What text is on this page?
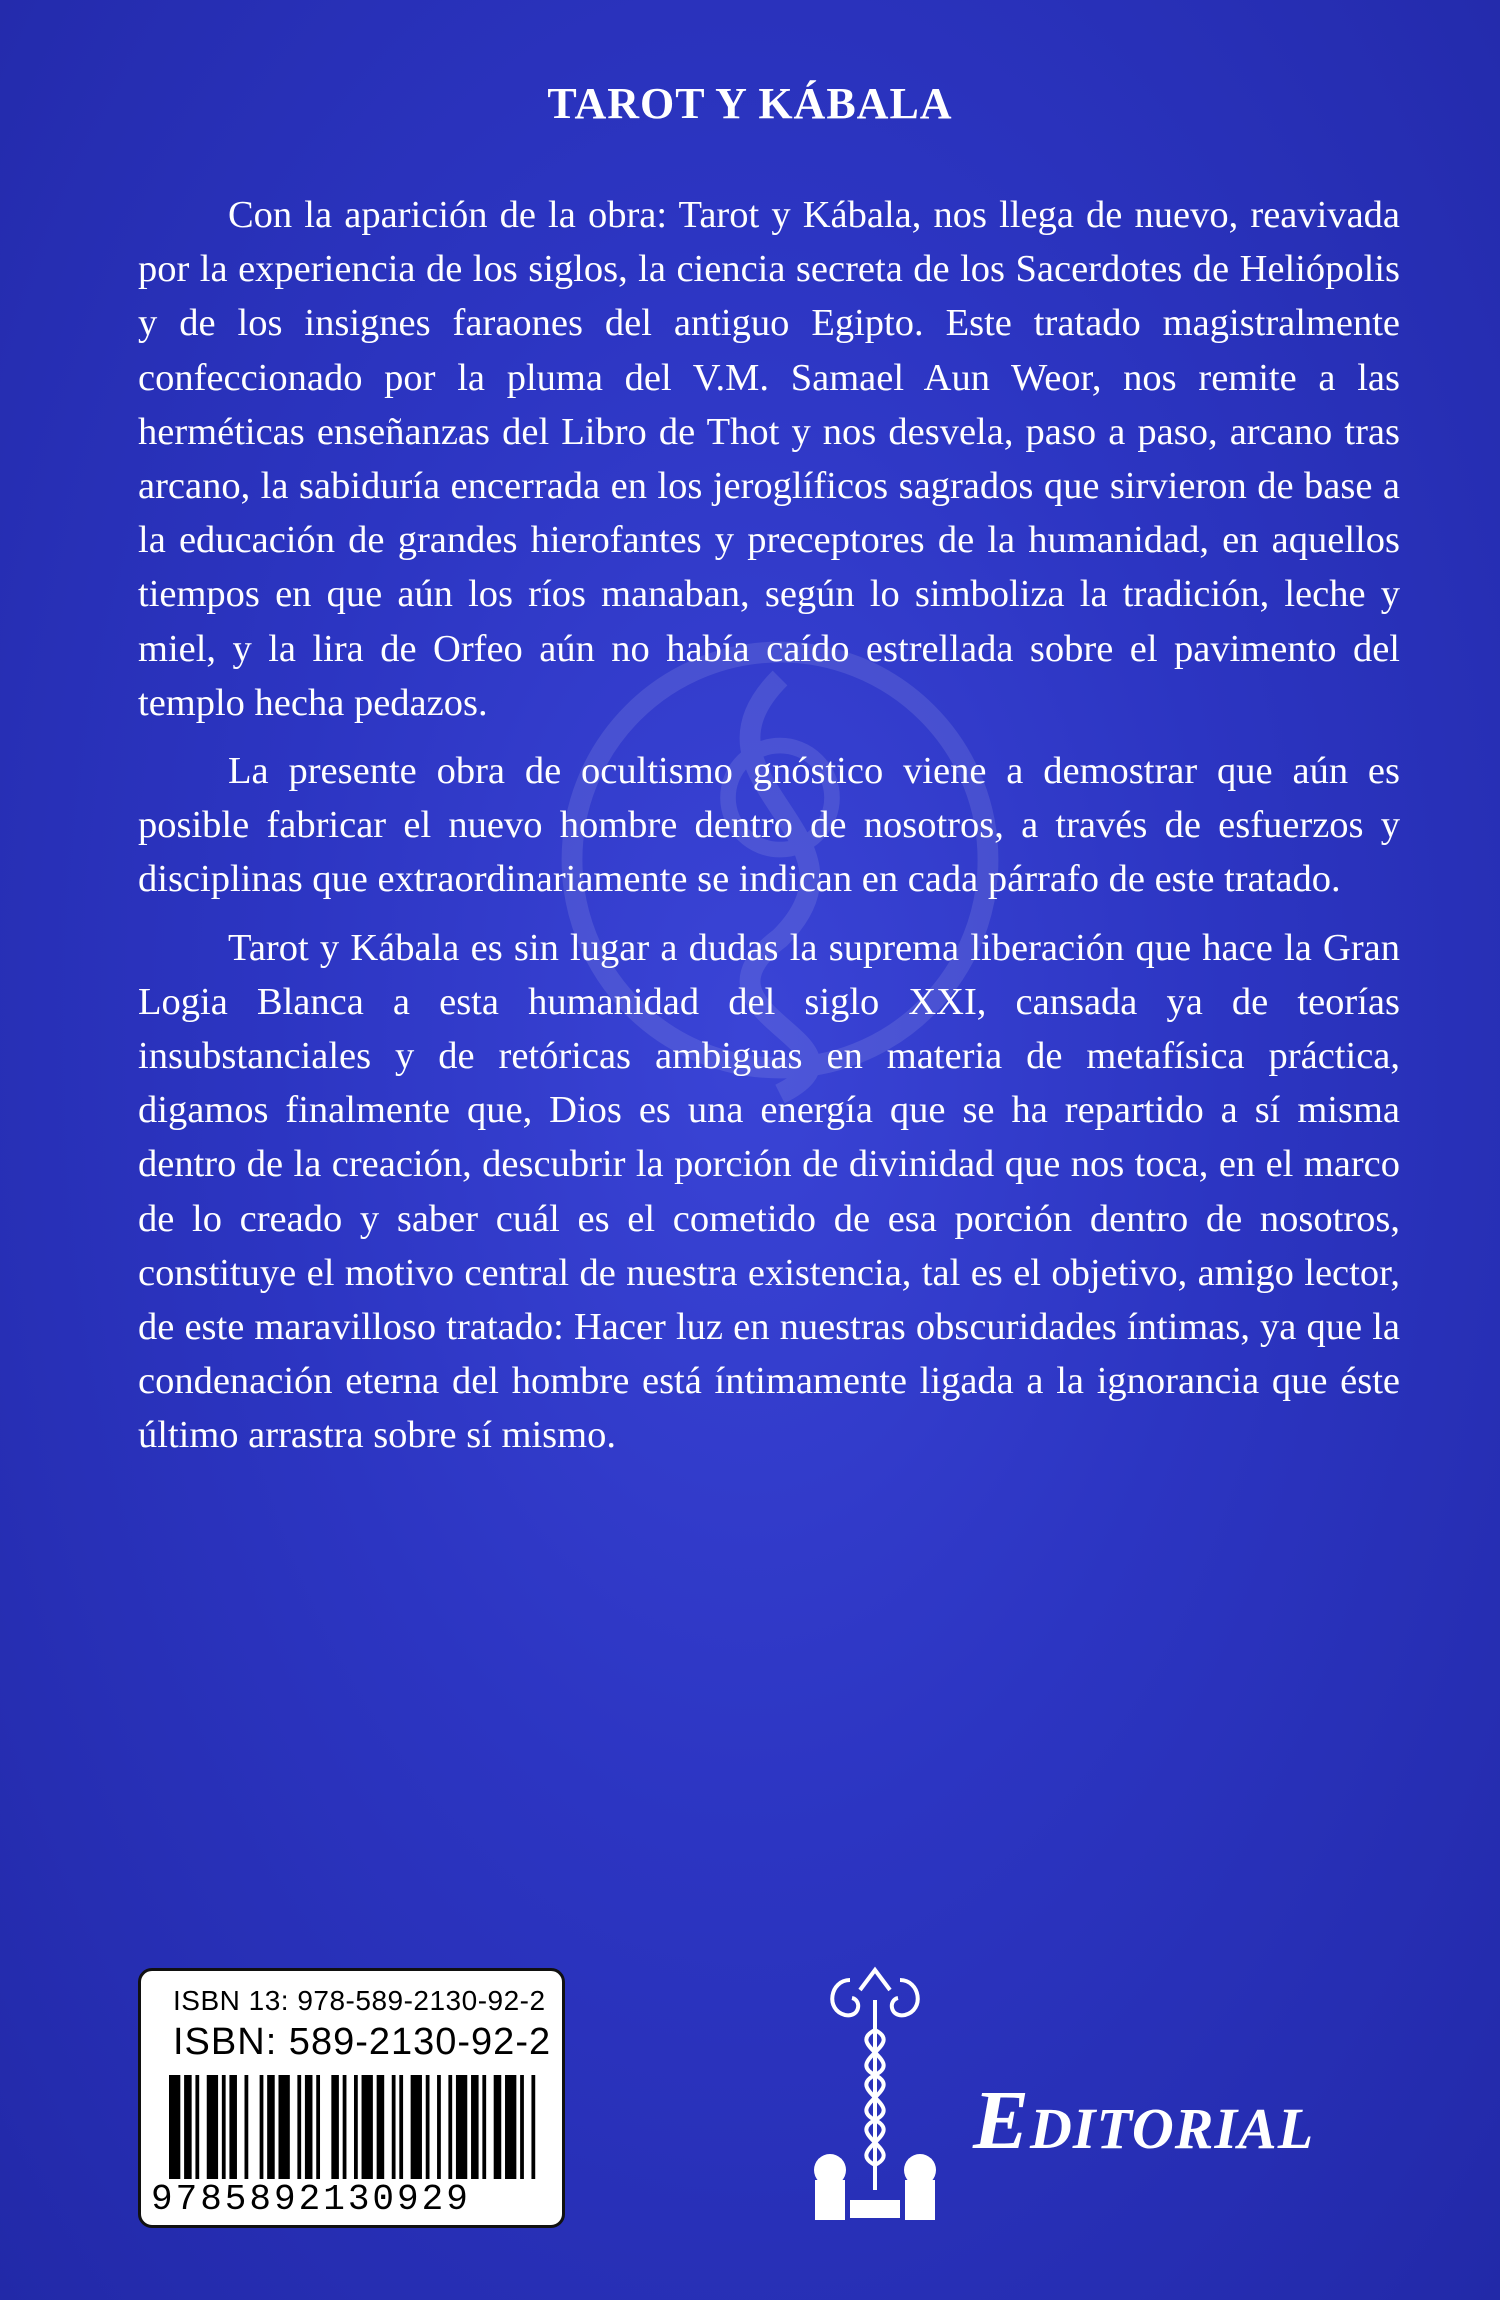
TAROT Y KÁBALA

Con la aparición de la obra: Tarot y Kábala, nos llega de nuevo, reavivada por la experiencia de los siglos, la ciencia secreta de los Sacerdotes de Heliópolis y de los insignes faraones del antiguo Egipto. Este tratado magistralmente confeccionado por la pluma del V.M. Samael Aun Weor, nos remite a las herméticas enseñanzas del Libro de Thot y nos desvela, paso a paso, arcano tras arcano, la sabiduría encerrada en los jeroglíficos sagrados que sirvieron de base a la educación de grandes hierofantes y preceptores de la humanidad, en aquellos tiempos en que aún los ríos manaban, según lo simboliza la tradición, leche y miel, y la lira de Orfeo aún no había caído estrellada sobre el pavimento del templo hecha pedazos.

La presente obra de ocultismo gnóstico viene a demostrar que aún es posible fabricar el nuevo hombre dentro de nosotros, a través de esfuerzos y disciplinas que extraordinariamente se indican en cada párrafo de este tratado.

Tarot y Kábala es sin lugar a dudas la suprema liberación que hace la Gran Logia Blanca a esta humanidad del siglo XXI, cansada ya de teorías insubstanciales y de retóricas ambiguas en materia de metafísica práctica, digamos finalmente que, Dios es una energía que se ha repartido a sí misma dentro de la creación, descubrir la porción de divinidad que nos toca, en el marco de lo creado y saber cuál es el cometido de esa porción dentro de nosotros, constituye el motivo central de nuestra existencia, tal es el objetivo, amigo lector, de este maravilloso tratado: Hacer luz en nuestras obscuridades íntimas, ya que la condenación eterna del hombre está íntimamente ligada a la ignorancia que éste último arrastra sobre sí mismo.

ISBN 13: 978-589-2130-92-2
ISBN: 589-2130-92-2
9785892130929
EDITORIAL
